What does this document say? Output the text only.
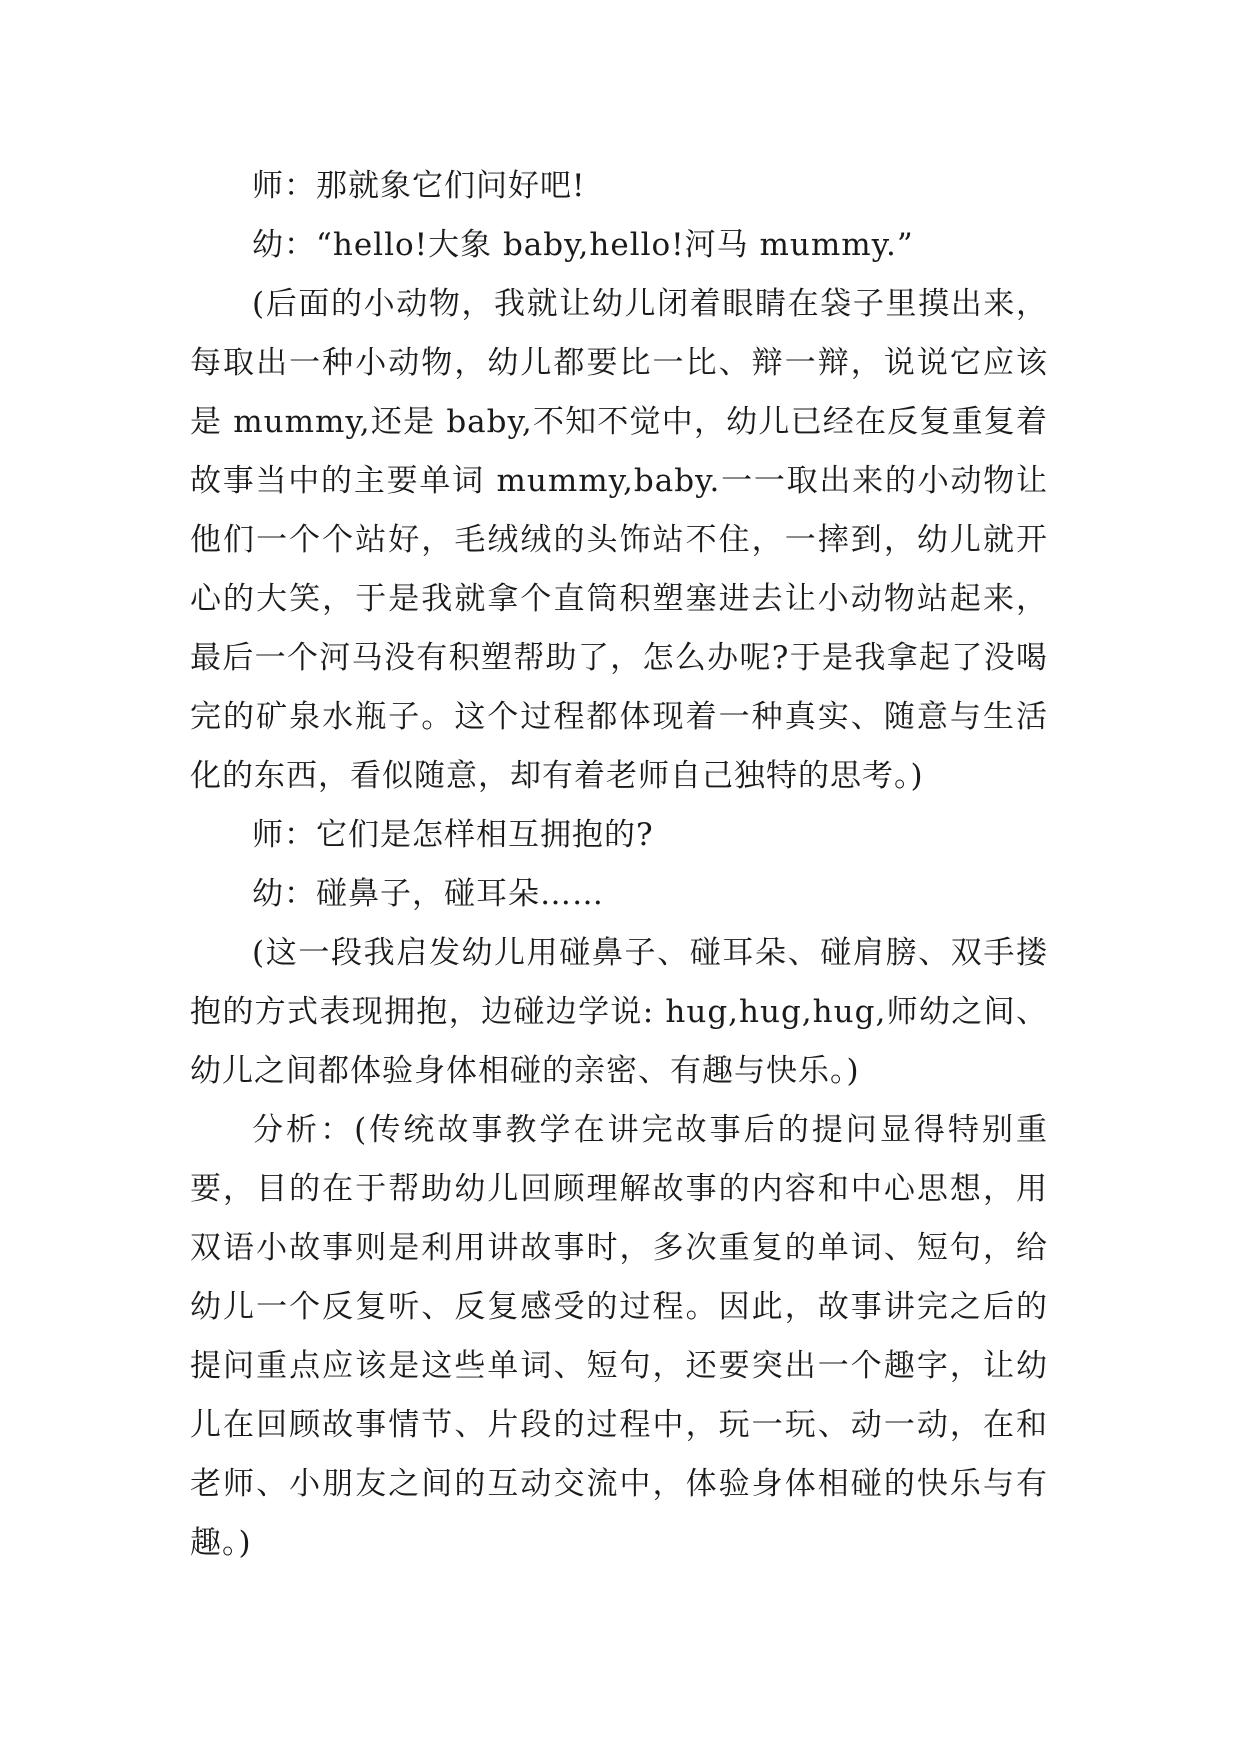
师：那就象它们问好吧!

幼：“hello!大象 baby,hello!河马 mummy.”

(后面的小动物，我就让幼儿闭着眼睛在袋子里摸出来，每取出一种小动物，幼儿都要比一比、辩一辩，说说它应该是 mummy,还是 baby,不知不觉中，幼儿已经在反复重复着故事当中的主要单词 mummy,baby.一一取出来的小动物让他们一个个站好，毛绒绒的头饰站不住，一摔到，幼儿就开心的大笑，于是我就拿个直筒积塑塞进去让小动物站起来，最后一个河马没有积塑帮助了，怎么办呢?于是我拿起了没喝完的矿泉水瓶子。这个过程都体现着一种真实、随意与生活化的东西，看似随意，却有着老师自己独特的思考。)

师：它们是怎样相互拥抱的?

幼：碰鼻子，碰耳朵……

(这一段我启发幼儿用碰鼻子、碰耳朵、碰肩膀、双手搂抱的方式表现拥抱，边碰边学说: hug,hug,hug,师幼之间、幼儿之间都体验身体相碰的亲密、有趣与快乐。)

分析：(传统故事教学在讲完故事后的提问显得特别重要，目的在于帮助幼儿回顾理解故事的内容和中心思想，用双语小故事则是利用讲故事时，多次重复的单词、短句，给幼儿一个反复听、反复感受的过程。因此，故事讲完之后的提问重点应该是这些单词、短句，还要突出一个趣字，让幼儿在回顾故事情节、片段的过程中，玩一玩、动一动，在和老师、小朋友之间的互动交流中，体验身体相碰的快乐与有趣。)
